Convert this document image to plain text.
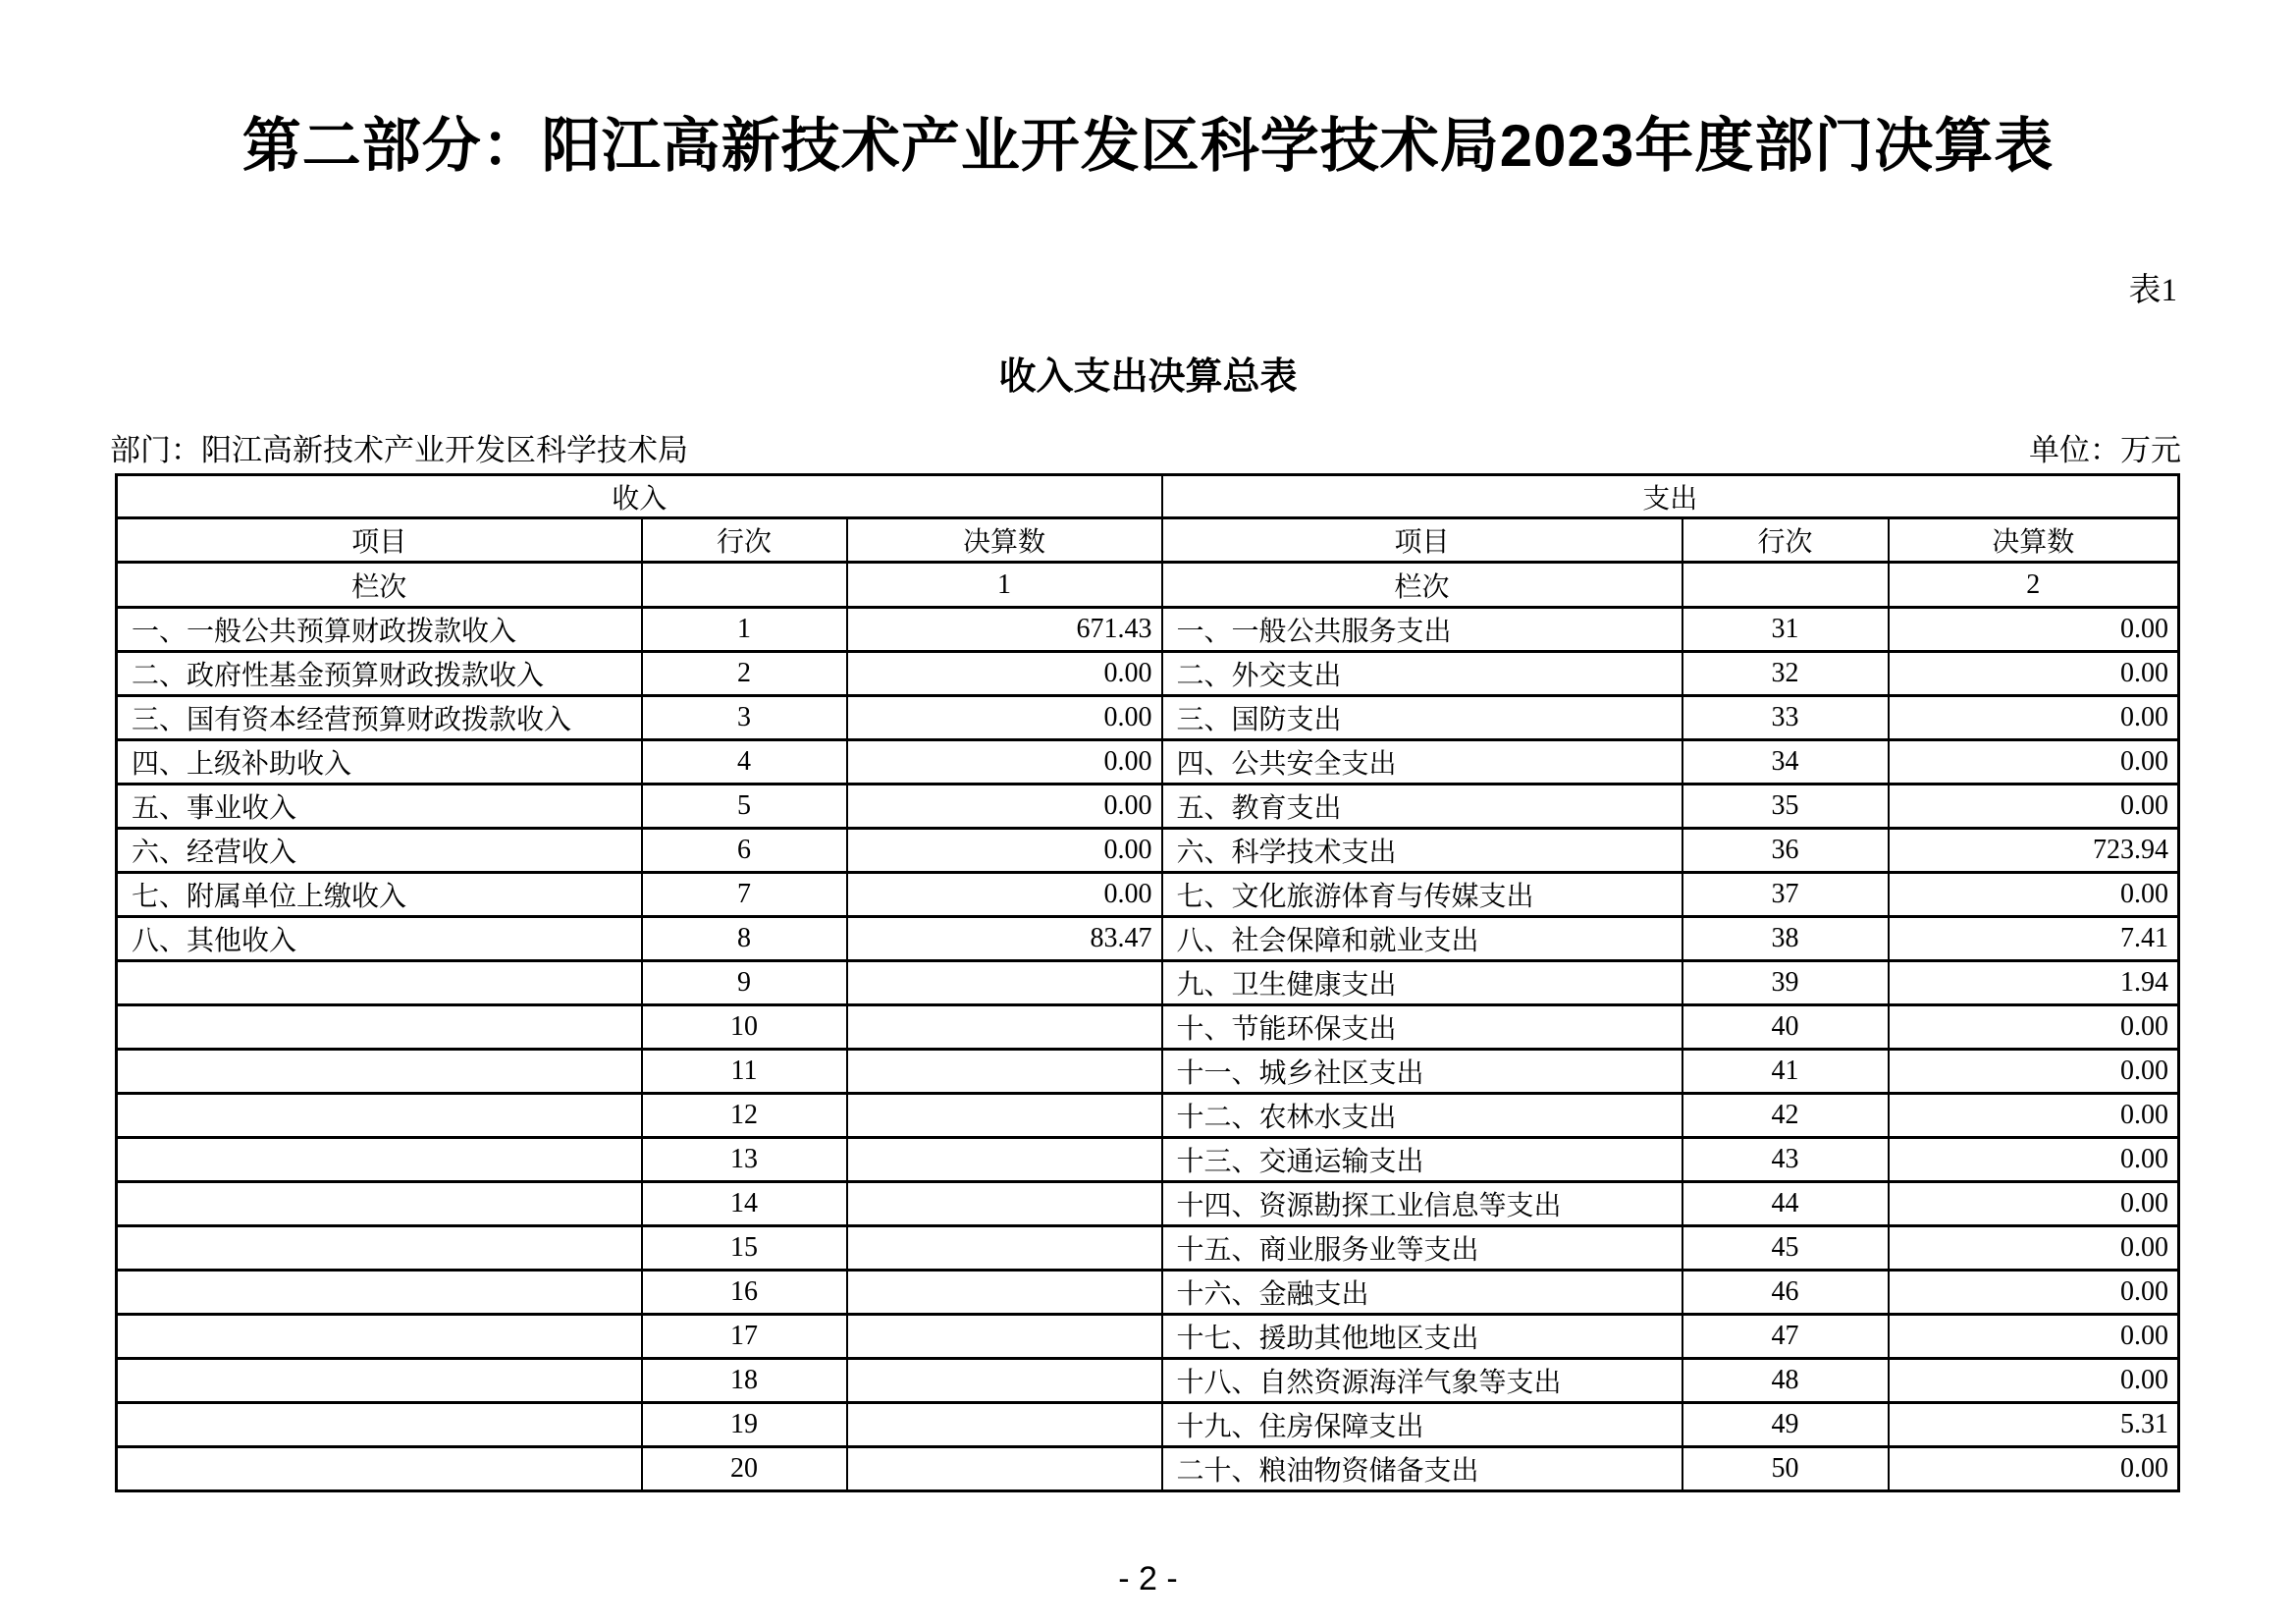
第二部分：阳江高新技术产业开发区科学技术局2023年度部门决算表
表1
收入支出决算总表
部门：阳江高新技术产业开发区科学技术局	单位：万元
收入			支出		
项目	行次	决算数	项目	行次	决算数
栏次		1	栏次		2
一、一般公共预算财政拨款收入	1	671.43	一、一般公共服务支出	31	0.00
二、政府性基金预算财政拨款收入	2	0.00	二、外交支出	32	0.00
三、国有资本经营预算财政拨款收入	3	0.00	三、国防支出	33	0.00
四、上级补助收入	4	0.00	四、公共安全支出	34	0.00
五、事业收入	5	0.00	五、教育支出	35	0.00
六、经营收入	6	0.00	六、科学技术支出	36	723.94
七、附属单位上缴收入	7	0.00	七、文化旅游体育与传媒支出	37	0.00
八、其他收入	8	83.47	八、社会保障和就业支出	38	7.41
	9		九、卫生健康支出	39	1.94
	10		十、节能环保支出	40	0.00
	11		十一、城乡社区支出	41	0.00
	12		十二、农林水支出	42	0.00
	13		十三、交通运输支出	43	0.00
	14		十四、资源勘探工业信息等支出	44	0.00
	15		十五、商业服务业等支出	45	0.00
	16		十六、金融支出	46	0.00
	17		十七、援助其他地区支出	47	0.00
	18		十八、自然资源海洋气象等支出	48	0.00
	19		十九、住房保障支出	49	5.31
	20		二十、粮油物资储备支出	50	0.00
- 2 -
